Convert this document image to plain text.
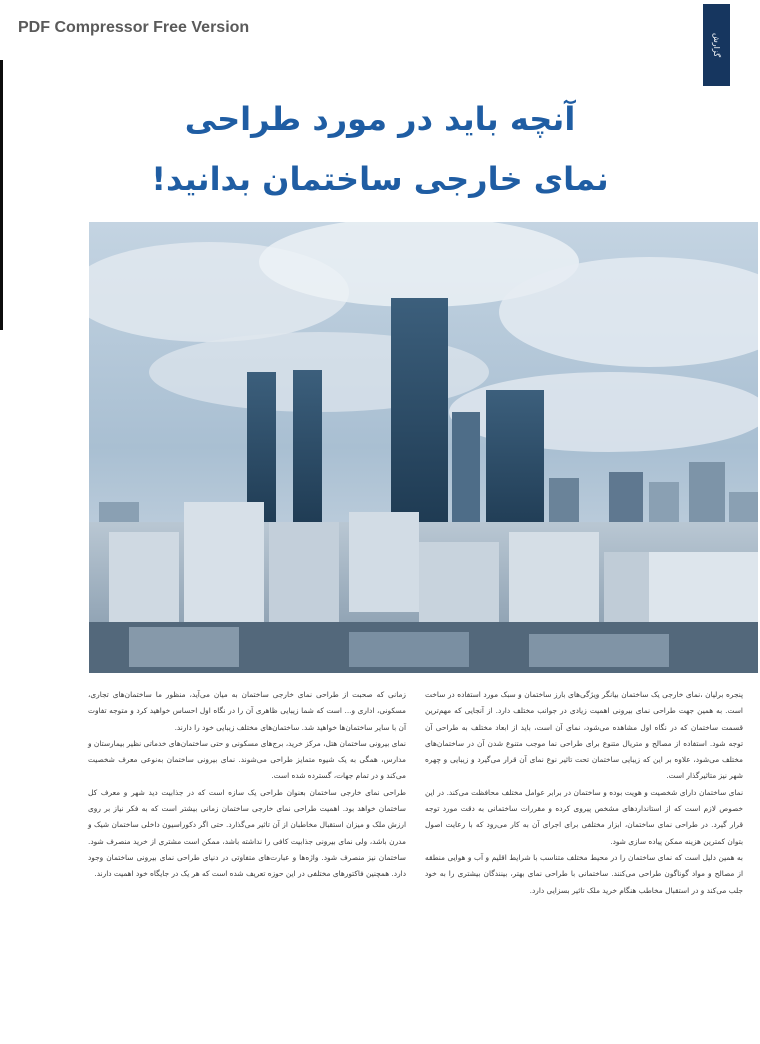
PDF Compressor Free Version
گزارش
آنچه باید در مورد طراحی
نمای خارجی ساختمان بدانید!

پنجره برلیان ،نمای خارجی یک ساختمان بیانگر ویژگی‌های بارز ساختمان و سبک مورد استفاده در ساخت است. به همین جهت طراحی نمای بیرونی اهمیت زیادی در جوانب مختلف دارد. از آنجایی که مهم‌ترین قسمت ساختمان که در نگاه اول مشاهده می‌شود، نمای آن است، باید از ابعاد مختلف به طراحی آن توجه شود. استفاده از مصالح و متریال متنوع برای طراحی نما موجب متنوع شدن آن در ساختمان‌های مختلف می‌شود، علاوه بر این که زیبایی ساختمان تحت تاثیر نوع نمای آن قرار می‌گیرد و زیبایی و چهره شهر نیز متاثیرگذار است.

نمای ساختمان دارای شخصیت و هویت بوده و ساختمان در برابر عوامل مختلف محافظت می‌کند. در این خصوص لازم است که از استانداردهای مشخص پیروی کرده و مقررات ساختمانی به دقت مورد توجه قرار گیرد. در طراحی نمای ساختمان، ابزار مختلفی برای اجرای آن به کار می‌رود که با رعایت اصول بتوان کمترین هزینه ممکن پیاده سازی شود.

به همین دلیل است که نمای ساختمان را در محیط مختلف متناسب با شرایط اقلیم و آب و هوایی منطقه از مصالح و مواد گوناگون طراحی می‌کنند. ساختمانی با طراحی نمای بهتر، بینندگان بیشتری را به خود جلب می‌کند و در استقبال مخاطب هنگام خرید ملک تاثیر بسزایی دارد.

زمانی که صحبت از طراحی نمای خارجی ساختمان به میان می‌آید، منظور ما ساختمان‌های تجاری، مسکونی، اداری و... است که شما زیبایی ظاهری آن را در نگاه اول احساس خواهید کرد و متوجه تفاوت آن با سایر ساختمان‌ها خواهید شد. ساختمان‌های مختلف زیبایی خود را دارند.

نمای بیرونی ساختمان هتل، مرکز خرید، برج‌های مسکونی و حتی ساختمان‌های خدماتی نظیر بیمارستان و مدارس، همگی به یک شیوه متمایز طراحی می‌شوند. نمای بیرونی ساختمان به‌نوعی معرف شخصیت می‌کند و در تمام جهات، گسترده شده است.

طراحی نمای خارجی ساختمان بعنوان طراحی یک سازه است که در جذابیت دید شهر و معرف کل ساختمان خواهد بود. اهمیت طراحی نمای خارجی ساختمان زمانی بیشتر است که به فکر نیاز بر روی ارزش ملک و میزان استقبال مخاطبان از آن تاثیر می‌گذارد. حتی اگر دکوراسیون داخلی ساختمان شیک و مدرن باشد، ولی نمای بیرونی جذابیت کافی را نداشته باشد، ممکن است مشتری از خرید منصرف شود. ساختمان نیز منصرف شود. واژه‌ها و عبارت‌های متفاوتی در دنیای طراحی نمای بیرونی ساختمان وجود دارد. همچنین فاکتورهای مختلفی در این حوزه تعریف شده است که هر یک در جایگاه خود اهمیت دارند.
